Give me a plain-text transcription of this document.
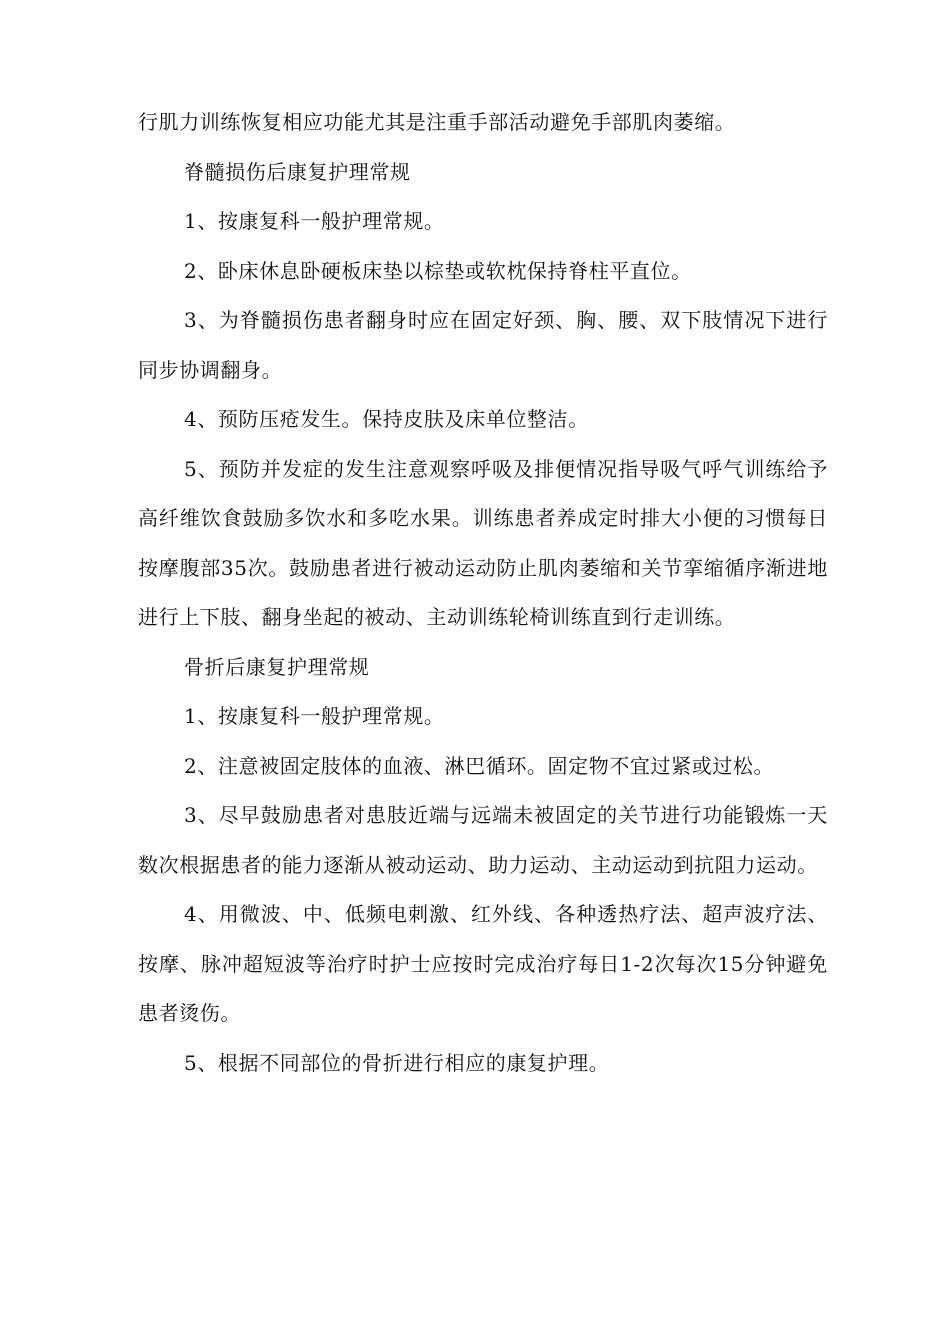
行肌力训练恢复相应功能尤其是注重手部活动避免手部肌肉萎缩。

脊髓损伤后康复护理常规

1、按康复科一般护理常规。

2、卧床休息卧硬板床垫以棕垫或软枕保持脊柱平直位。

3、为脊髓损伤患者翻身时应在固定好颈、胸、腰、双下肢情况下进行同步协调翻身。

4、预防压疮发生。保持皮肤及床单位整洁。

5、预防并发症的发生注意观察呼吸及排便情况指导吸气呼气训练给予高纤维饮食鼓励多饮水和多吃水果。训练患者养成定时排大小便的习惯每日按摩腹部35次。鼓励患者进行被动运动防止肌肉萎缩和关节挛缩循序渐进地进行上下肢、翻身坐起的被动、主动训练轮椅训练直到行走训练。

骨折后康复护理常规

1、按康复科一般护理常规。

2、注意被固定肢体的血液、淋巴循环。固定物不宜过紧或过松。

3、尽早鼓励患者对患肢近端与远端未被固定的关节进行功能锻炼一天数次根据患者的能力逐渐从被动运动、助力运动、主动运动到抗阻力运动。

4、用微波、中、低频电刺激、红外线、各种透热疗法、超声波疗法、按摩、脉冲超短波等治疗时护士应按时完成治疗每日1-2次每次15分钟避免患者烫伤。

5、根据不同部位的骨折进行相应的康复护理。
